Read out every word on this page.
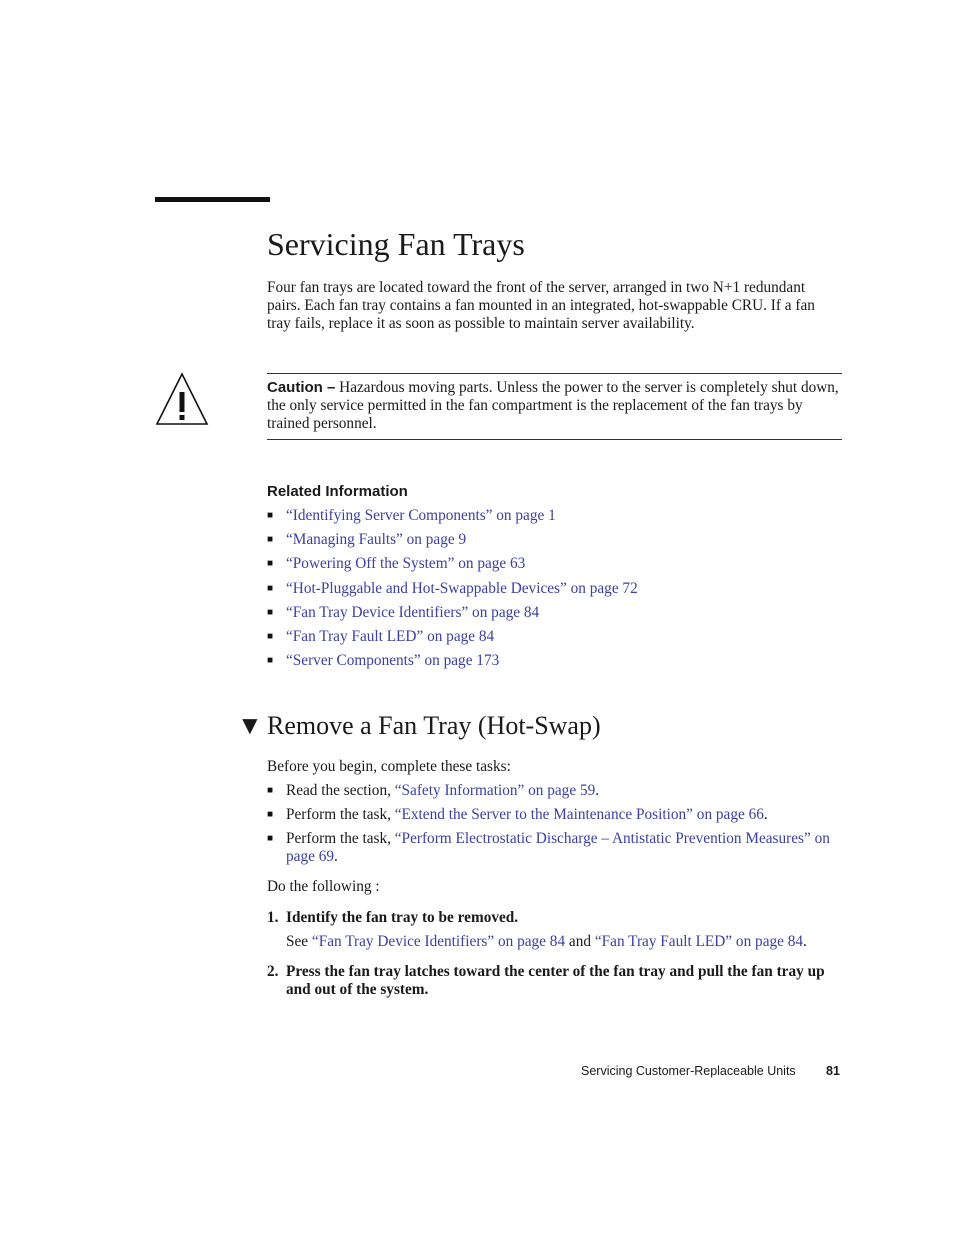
Servicing Fan Trays

Four fan trays are located toward the front of the server, arranged in two N+1 redundant pairs. Each fan tray contains a fan mounted in an integrated, hot-swappable CRU. If a fan tray fails, replace it as soon as possible to maintain server availability.

Caution – Hazardous moving parts. Unless the power to the server is completely shut down, the only service permitted in the fan compartment is the replacement of the fan trays by trained personnel.

Related Information
■ “Identifying Server Components” on page 1
■ “Managing Faults” on page 9
■ “Powering Off the System” on page 63
■ “Hot-Pluggable and Hot-Swappable Devices” on page 72
■ “Fan Tray Device Identifiers” on page 84
■ “Fan Tray Fault LED” on page 84
■ “Server Components” on page 173
▼ Remove a Fan Tray (Hot-Swap)

Before you begin, complete these tasks:

■ Read the section, “Safety Information” on page 59.
■ Perform the task, “Extend the Server to the Maintenance Position” on page 66.
■ Perform the task, “Perform Electrostatic Discharge – Antistatic Prevention Measures” on page 69.

Do the following :

1. Identify the fan tray to be removed.

See “Fan Tray Device Identifiers” on page 84 and “Fan Tray Fault LED” on page 84.

2. Press the fan tray latches toward the center of the fan tray and pull the fan tray up and out of the system.

Servicing Customer-Replaceable Units 81
